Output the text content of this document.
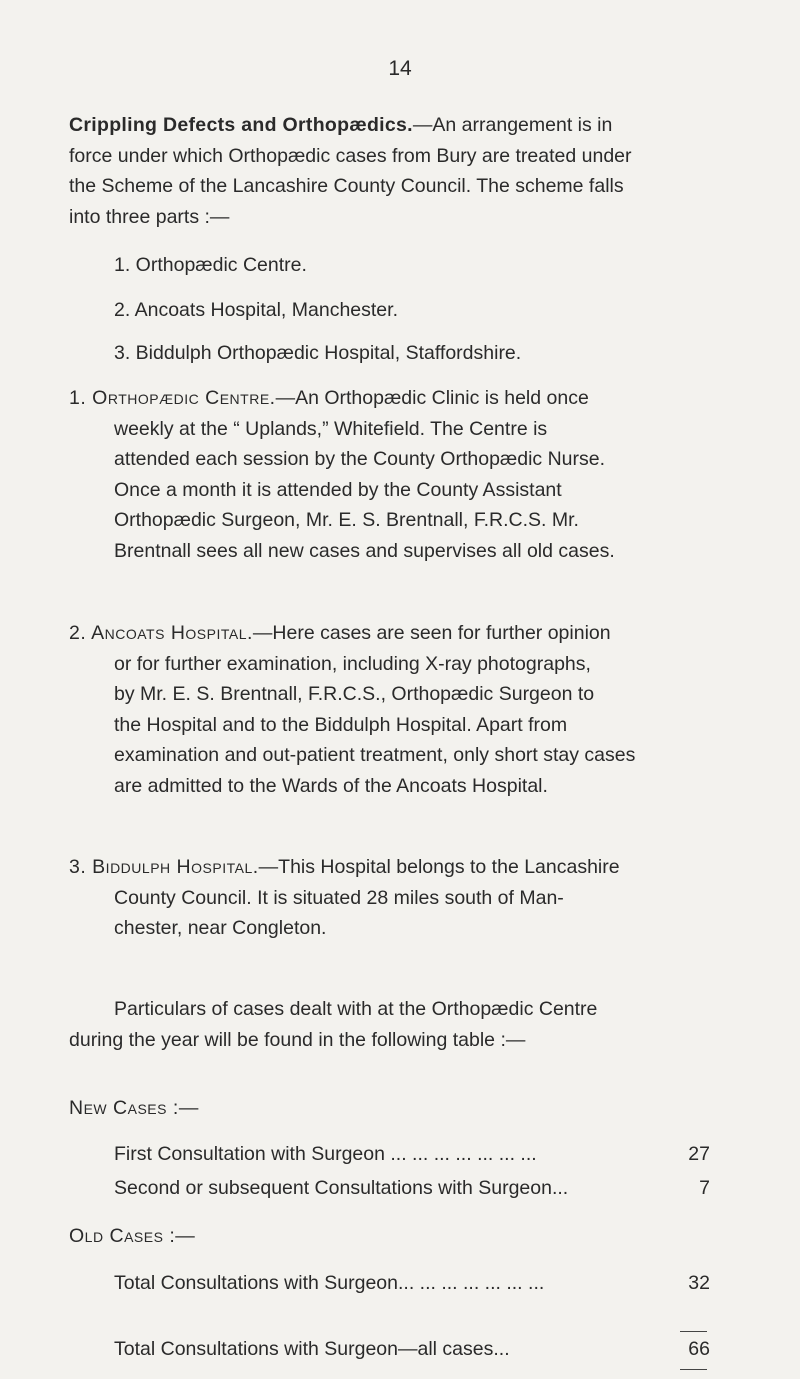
14
Crippling Defects and Orthopædics.—An arrangement is in
force under which Orthopædic cases from Bury are treated under
the Scheme of the Lancashire County Council. The scheme falls
into three parts :—
1. Orthopædic Centre.
2. Ancoats Hospital, Manchester.
3. Biddulph Orthopædic Hospital, Staffordshire.
1. Orthopædic Centre.—An Orthopædic Clinic is held once
weekly at the “ Uplands,” Whitefield. The Centre is
attended each session by the County Orthopædic Nurse.
Once a month it is attended by the County Assistant
Orthopædic Surgeon, Mr. E. S. Brentnall, F.R.C.S. Mr.
Brentnall sees all new cases and supervises all old cases.
2. Ancoats Hospital.—Here cases are seen for further opinion
or for further examination, including X-ray photographs,
by Mr. E. S. Brentnall, F.R.C.S., Orthopædic Surgeon to
the Hospital and to the Biddulph Hospital. Apart from
examination and out-patient treatment, only short stay cases
are admitted to the Wards of the Ancoats Hospital.
3. Biddulph Hospital.—This Hospital belongs to the Lancashire
County Council. It is situated 28 miles south of Man-
chester, near Congleton.
Particulars of cases dealt with at the Orthopædic Centre
during the year will be found in the following table :—
New Cases :—
First Consultation with Surgeon ... ... ... ... ... ... ...	27
Second or subsequent Consultations with Surgeon...	7
Old Cases :—
Total Consultations with Surgeon... ... ... ... ... ... ...	32
Total Consultations with Surgeon—all cases...	66
